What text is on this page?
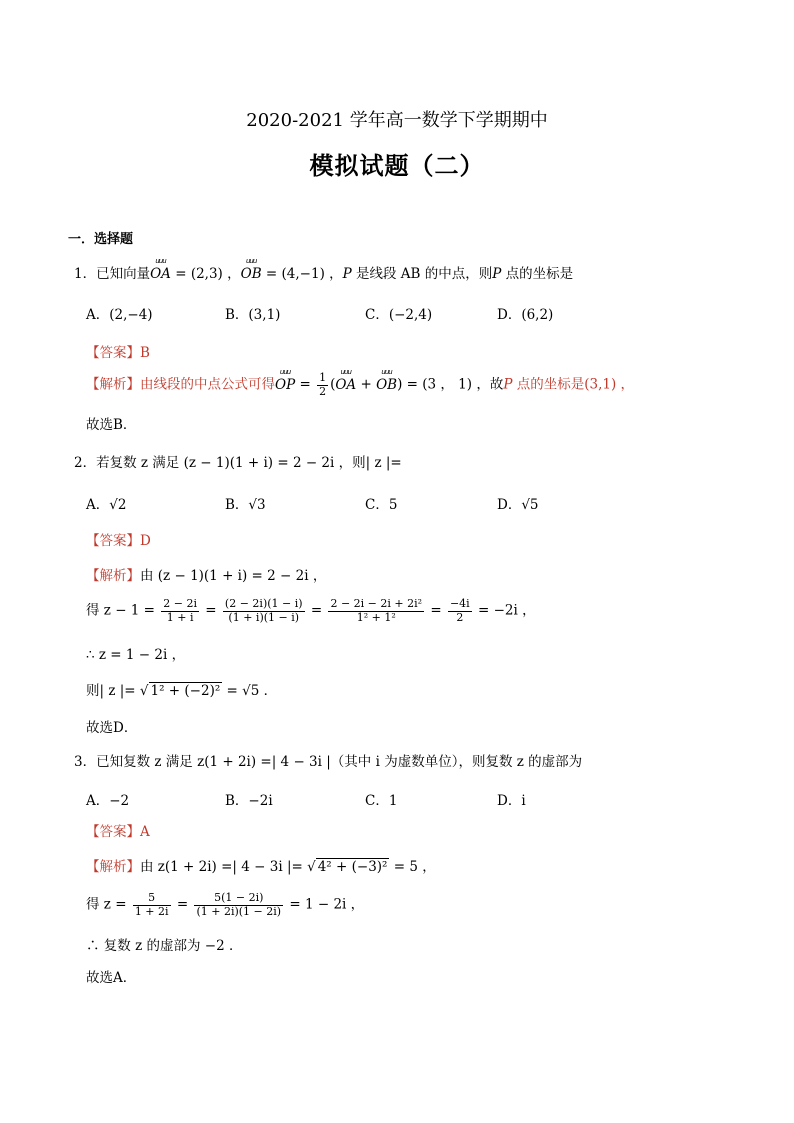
2020-2021 学年高一数学下学期期中
模拟试题（二）
一．选择题
1．已知向量uuu OA = (2,3) ，uuu OB = (4,−1) ，P 是线段 AB 的中点，则P 点的坐标是
A．(2,−4)	B．(3,1)	C．(−2,4)	D．(6,2)
【答案】B
【解析】由线段的中点公式可得uuu OP = $\frac{1}{2} (uuu$ OA + uuu OB) = (3 ， 1) ，故P 点的坐标是(3,1) ，
故选B．
2．若复数 z 满足 (z − 1)(1 + i) = 2 − 2i ，则| z |=
A．√2	B．√3	C．5	D．√5
【答案】D
【解析】由 (z − 1)(1 + i) = 2 − 2i ，
得 $z - 1 = \frac{2 - 2i}{1 + i} = \frac{(2 - 2i)(1 - i)}{(1 + i)(1 - i)} = \frac{\text{2 − 2i − 2i + 2i²}}{\text{1² + 1²}} = \frac{-4i}{2} = -2i$ ，
∴ z = 1 − 2i ，
则| z |= √ 1² + (−2)² = √5 ．
故选D．
3．已知复数 z 满足 z(1 + 2i) =| 4 − 3i |（其中 i 为虚数单位），则复数 z 的虚部为
A．−2	B．−2i	C．1	D．i
【答案】A
【解析】由 z(1 + 2i) =| 4 − 3i |= √ 4² + (−3)² = 5 ，
得 $z = \frac{5}{1 + 2i} = \frac{5(1 - 2i)}{(1 + 2i)(1 - 2i)} = 1 - 2i$ ，
∴ 复数 z 的虚部为 −2 ．
故选A．
